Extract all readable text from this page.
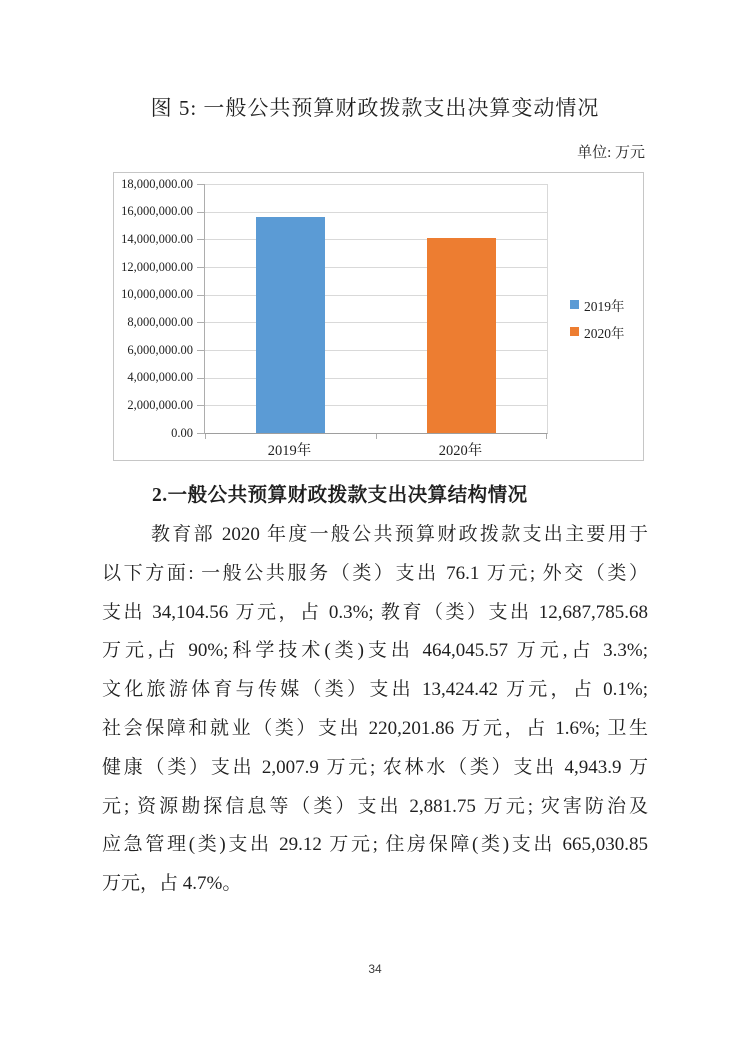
图 5: 一般公共预算财政拨款支出决算变动情况
单位: 万元
18,000,000.00
16,000,000.00
14,000,000.00
12,000,000.00
10,000,000.00
8,000,000.00
6,000,000.00
4,000,000.00
2,000,000.00
0.00
2019年
2020年
2019年	2020年
2.一般公共预算财政拨款支出决算结构情况
教育部 2020 年度一般公共预算财政拨款支出主要用于
以下方面: 一般公共服务（类）支出 76.1 万元; 外交（类）
支出 34,104.56 万元，占 0.3%; 教育（类）支出 12,687,785.68
万元,占 90%;科学技术(类)支出 464,045.57 万元,占 3.3%;
文化旅游体育与传媒（类）支出 13,424.42 万元，占 0.1%;
社会保障和就业（类）支出 220,201.86 万元，占 1.6%; 卫生
健康（类）支出 2,007.9 万元; 农林水（类）支出 4,943.9 万
元; 资源勘探信息等（类）支出 2,881.75 万元; 灾害防治及
应急管理(类)支出 29.12 万元; 住房保障(类)支出 665,030.85
万元，占 4.7%。
34
